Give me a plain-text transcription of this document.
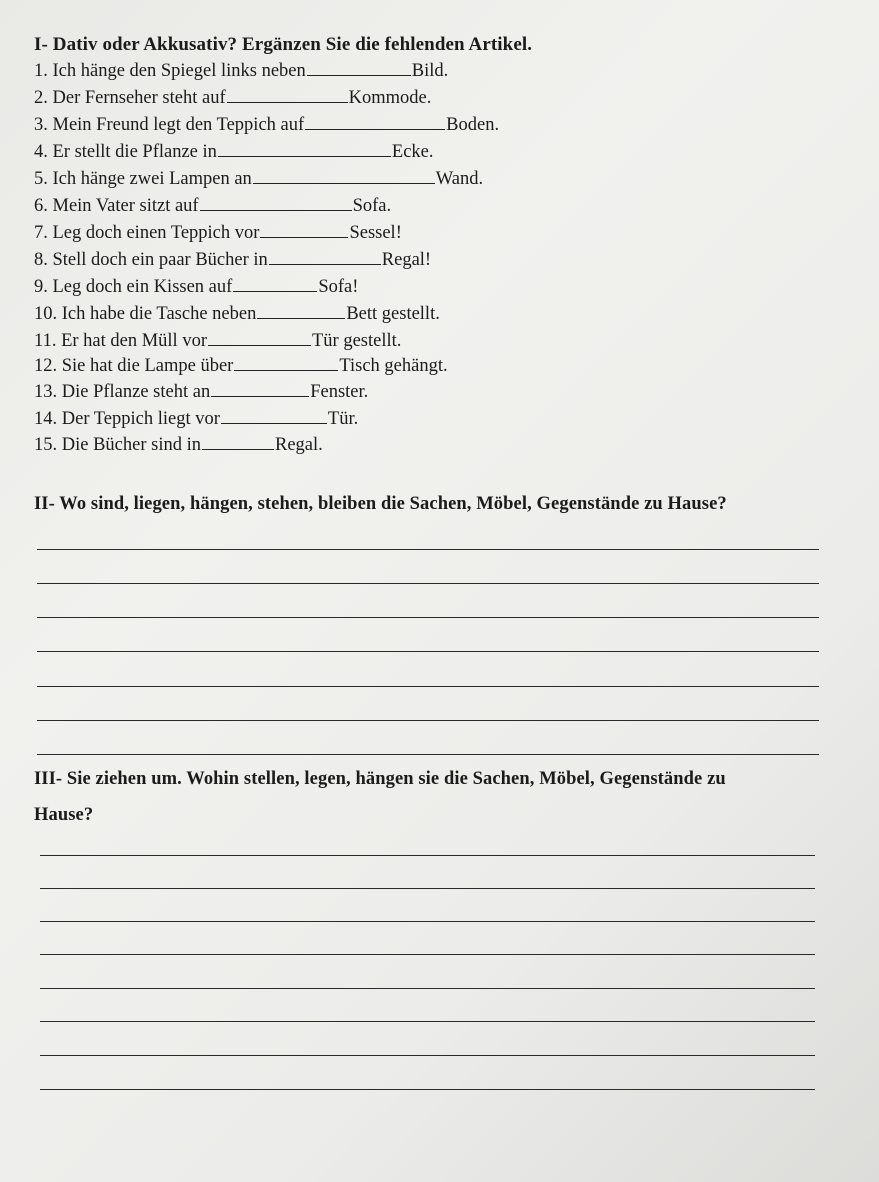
I- Dativ oder Akkusativ? Ergänzen Sie die fehlenden Artikel.
1. Ich hänge den Spiegel links neben	Bild.
2. Der Fernseher steht auf	Kommode.
3. Mein Freund legt den Teppich auf	Boden.
4. Er stellt die Pflanze in	Ecke.
5. Ich hänge zwei Lampen an	Wand.
6. Mein Vater sitzt auf	Sofa.
7. Leg doch einen Teppich vor	Sessel!
8. Stell doch ein paar Bücher in	Regal!
9. Leg doch ein Kissen auf	Sofa!
10. Ich habe die Tasche neben	Bett gestellt.
11. Er hat den Müll vor	Tür gestellt.
12. Sie hat die Lampe über	Tisch gehängt.
13. Die Pflanze steht an	Fenster.
14. Der Teppich liegt vor	Tür.
15. Die Bücher sind in	Regal.
II- Wo sind, liegen, hängen, stehen, bleiben die Sachen, Möbel, Gegenstände zu Hause?
III- Sie ziehen um. Wohin stellen, legen, hängen sie die Sachen, Möbel, Gegenstände zu
Hause?
